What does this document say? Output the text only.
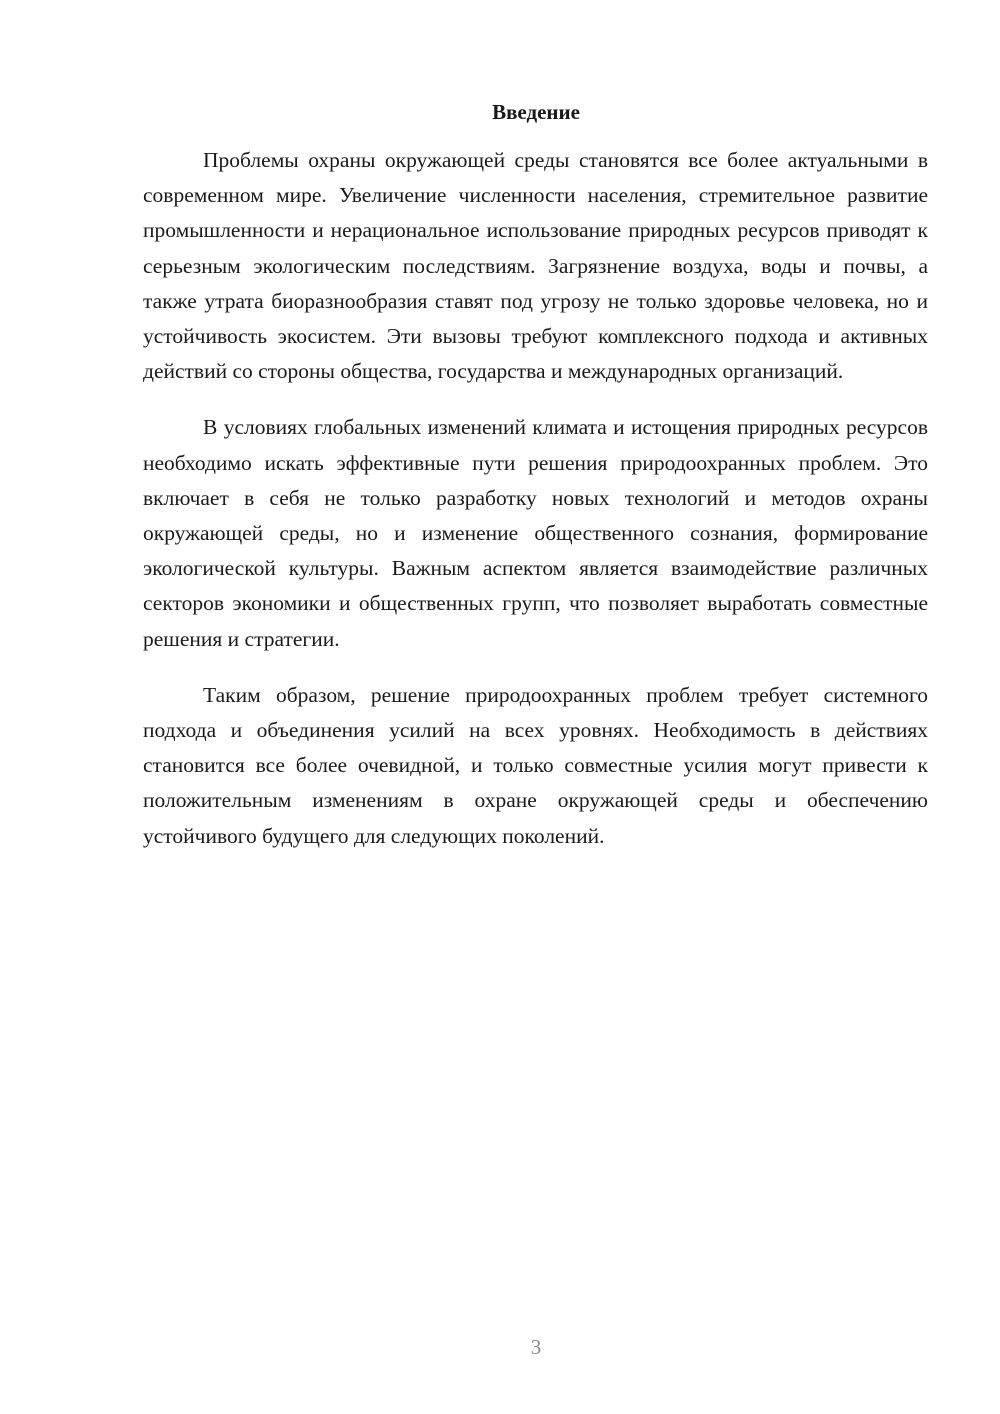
Введение

Проблемы охраны окружающей среды становятся все более актуальными в современном мире. Увеличение численности населения, стремительное развитие промышленности и нерациональное использование природных ресурсов приводят к серьезным экологическим последствиям. Загрязнение воздуха, воды и почвы, а также утрата биоразнообразия ставят под угрозу не только здоровье человека, но и устойчивость экосистем. Эти вызовы требуют комплексного подхода и активных действий со стороны общества, государства и международных организаций.

В условиях глобальных изменений климата и истощения природных ресурсов необходимо искать эффективные пути решения природоохранных проблем. Это включает в себя не только разработку новых технологий и методов охраны окружающей среды, но и изменение общественного сознания, формирование экологической культуры. Важным аспектом является взаимодействие различных секторов экономики и общественных групп, что позволяет выработать совместные решения и стратегии.

Таким образом, решение природоохранных проблем требует системного подхода и объединения усилий на всех уровнях. Необходимость в действиях становится все более очевидной, и только совместные усилия могут привести к положительным изменениям в охране окружающей среды и обеспечению устойчивого будущего для следующих поколений.

3
